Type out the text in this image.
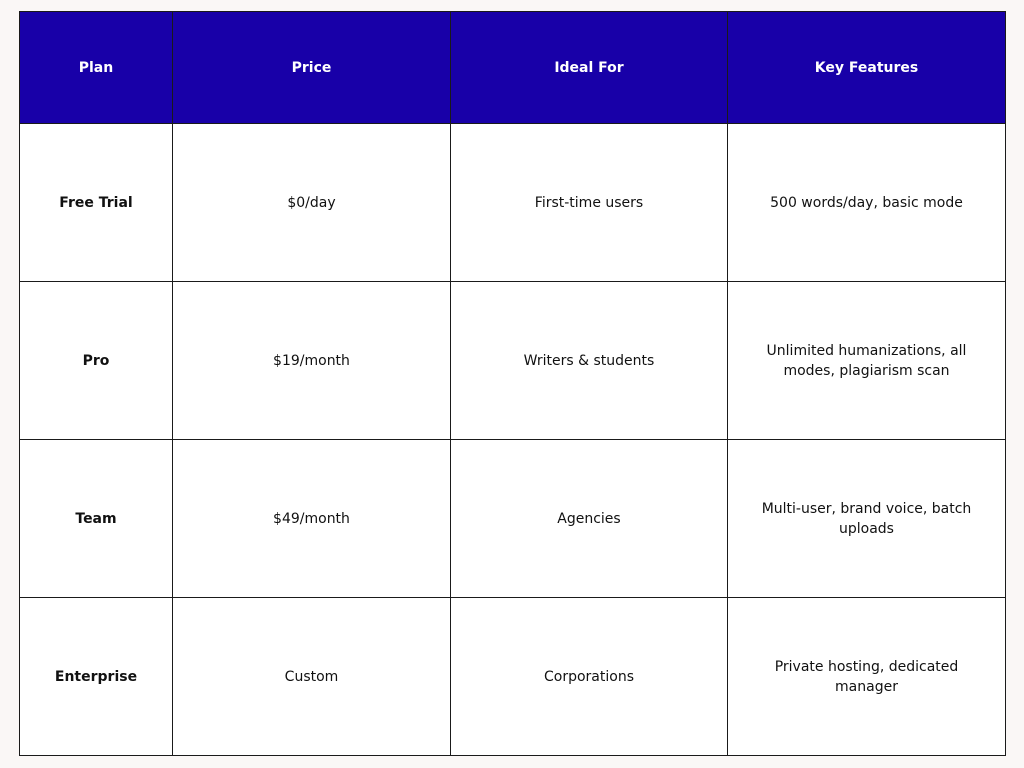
Plan	Price	Ideal For	Key Features
Free Trial	$0/day	First-time users	500 words/day, basic mode
Pro	$19/month	Writers & students	Unlimited humanizations, all modes, plagiarism scan
Team	$49/month	Agencies	Multi-user, brand voice, batch uploads
Enterprise	Custom	Corporations	Private hosting, dedicated manager
